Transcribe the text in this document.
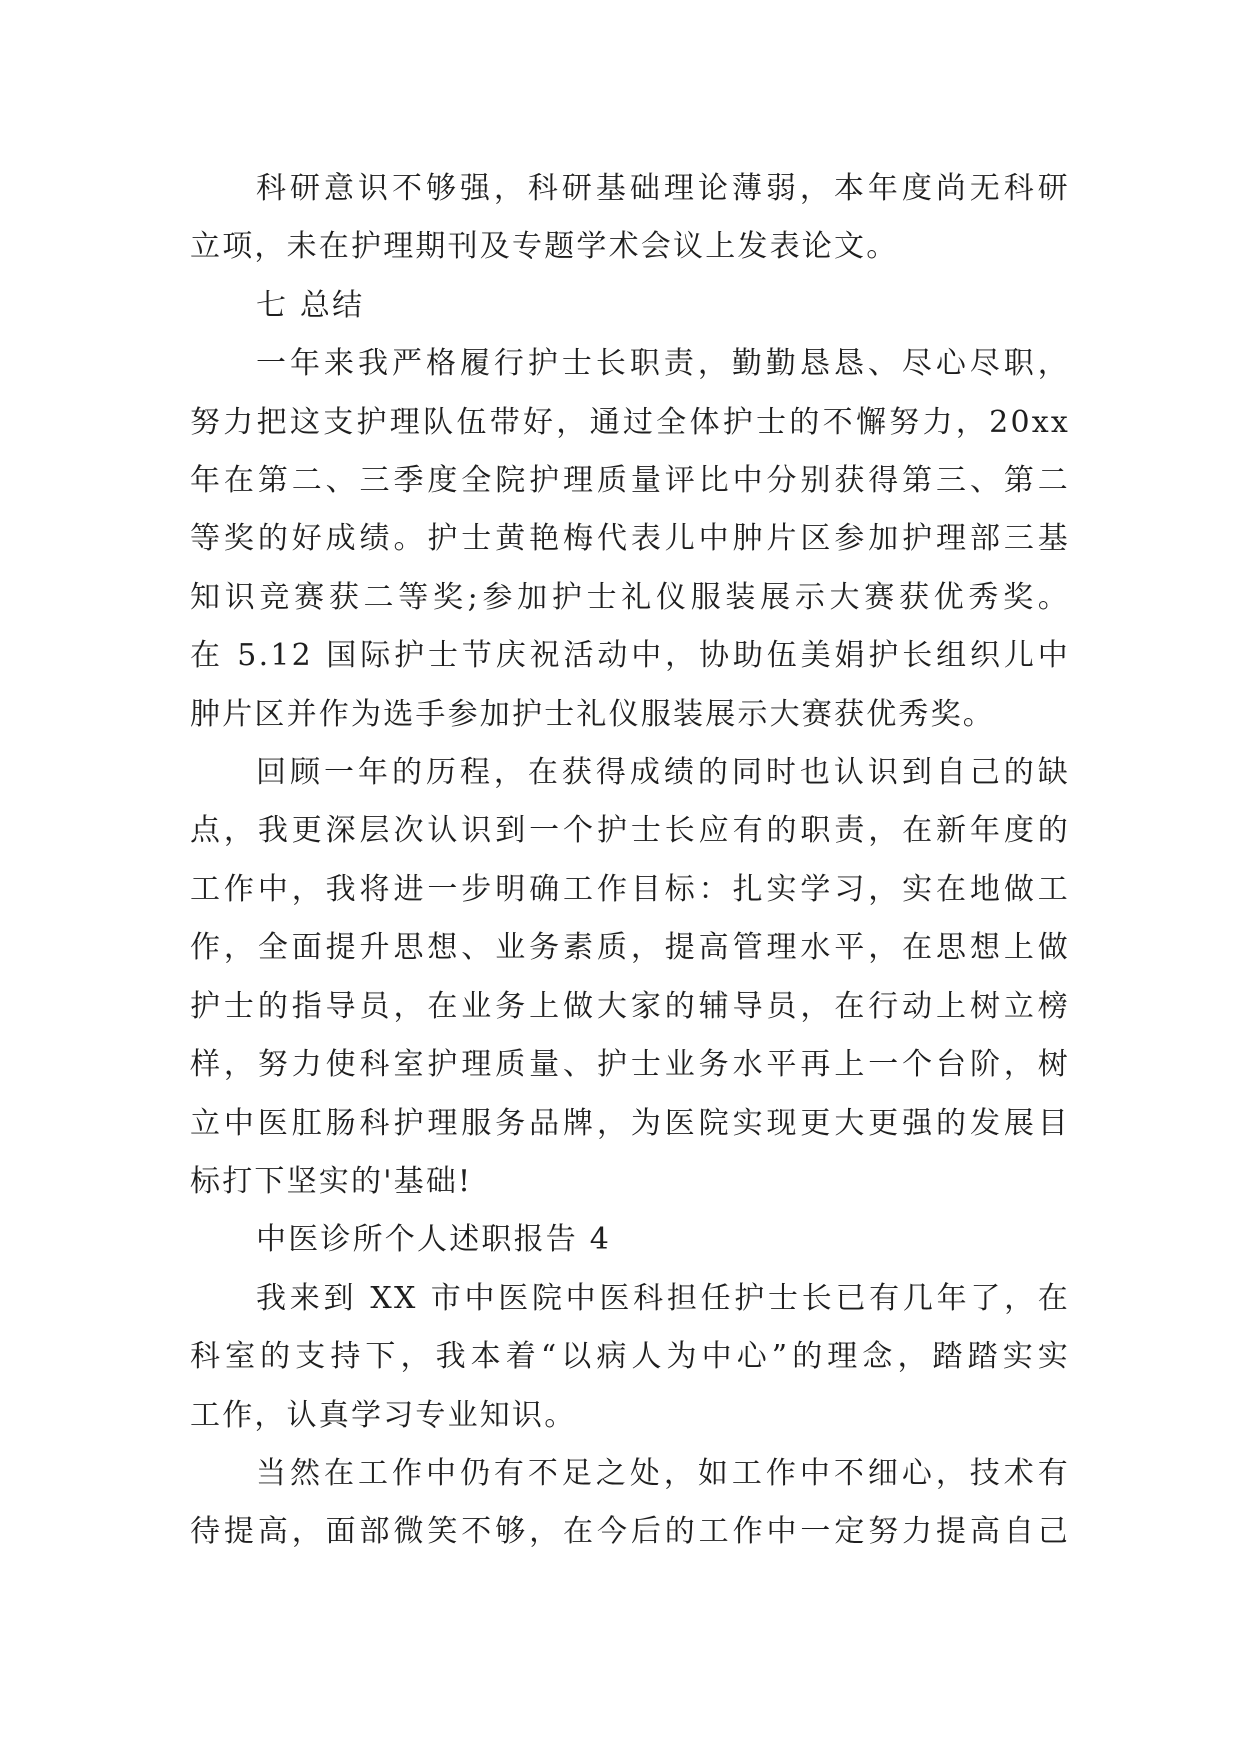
科研意识不够强，科研基础理论薄弱，本年度尚无科研
立项，未在护理期刊及专题学术会议上发表论文。
七 总结
一年来我严格履行护士长职责，勤勤恳恳、尽心尽职，
努力把这支护理队伍带好，通过全体护士的不懈努力，20xx
年在第二、三季度全院护理质量评比中分别获得第三、第二
等奖的好成绩。护士黄艳梅代表儿中肿片区参加护理部三基
知识竞赛获二等奖;参加护士礼仪服装展示大赛获优秀奖。
在 5.12 国际护士节庆祝活动中，协助伍美娟护长组织儿中
肿片区并作为选手参加护士礼仪服装展示大赛获优秀奖。
回顾一年的历程，在获得成绩的同时也认识到自己的缺
点，我更深层次认识到一个护士长应有的职责，在新年度的
工作中，我将进一步明确工作目标：扎实学习，实在地做工
作，全面提升思想、业务素质，提高管理水平，在思想上做
护士的指导员，在业务上做大家的辅导员，在行动上树立榜
样，努力使科室护理质量、护士业务水平再上一个台阶，树
立中医肛肠科护理服务品牌，为医院实现更大更强的发展目
标打下坚实的'基础!
中医诊所个人述职报告 4
我来到 XX 市中医院中医科担任护士长已有几年了，在
科室的支持下，我本着“以病人为中心”的理念，踏踏实实
工作，认真学习专业知识。
当然在工作中仍有不足之处，如工作中不细心，技术有
待提高，面部微笑不够，在今后的工作中一定努力提高自己
